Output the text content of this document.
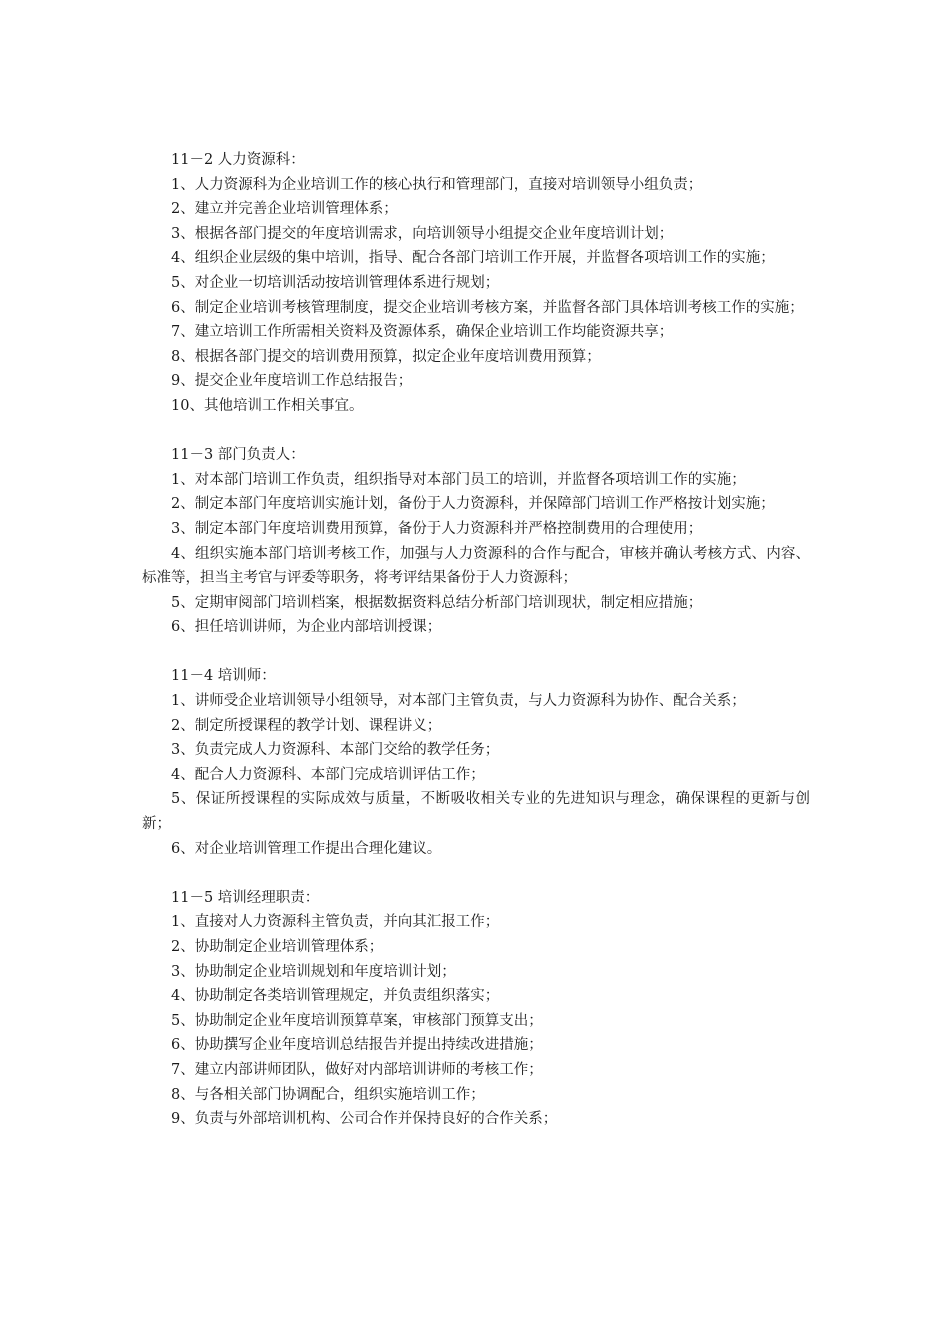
11－2 人力资源科：

1、人力资源科为企业培训工作的核心执行和管理部门，直接对培训领导小组负责；

2、建立并完善企业培训管理体系；

3、根据各部门提交的年度培训需求，向培训领导小组提交企业年度培训计划；

4、组织企业层级的集中培训，指导、配合各部门培训工作开展，并监督各项培训工作的实施；

5、对企业一切培训活动按培训管理体系进行规划；

6、制定企业培训考核管理制度，提交企业培训考核方案，并监督各部门具体培训考核工作的实施；

7、建立培训工作所需相关资料及资源体系，确保企业培训工作均能资源共享；

8、根据各部门提交的培训费用预算，拟定企业年度培训费用预算；

9、提交企业年度培训工作总结报告；

10、其他培训工作相关事宜。

11－3 部门负责人：

1、对本部门培训工作负责，组织指导对本部门员工的培训，并监督各项培训工作的实施；

2、制定本部门年度培训实施计划，备份于人力资源科，并保障部门培训工作严格按计划实施；

3、制定本部门年度培训费用预算，备份于人力资源科并严格控制费用的合理使用；

4、组织实施本部门培训考核工作，加强与人力资源科的合作与配合，审核并确认考核方式、内容、标准等，担当主考官与评委等职务，将考评结果备份于人力资源科；

5、定期审阅部门培训档案，根据数据资料总结分析部门培训现状，制定相应措施；

6、担任培训讲师，为企业内部培训授课；

11－4 培训师：

1、讲师受企业培训领导小组领导，对本部门主管负责，与人力资源科为协作、配合关系；

2、制定所授课程的教学计划、课程讲义；

3、负责完成人力资源科、本部门交给的教学任务；

4、配合人力资源科、本部门完成培训评估工作；

5、保证所授课程的实际成效与质量，不断吸收相关专业的先进知识与理念，确保课程的更新与创新；

6、对企业培训管理工作提出合理化建议。

11－5 培训经理职责：

1、直接对人力资源科主管负责，并向其汇报工作；

2、协助制定企业培训管理体系；

3、协助制定企业培训规划和年度培训计划；

4、协助制定各类培训管理规定，并负责组织落实；

5、协助制定企业年度培训预算草案，审核部门预算支出；

6、协助撰写企业年度培训总结报告并提出持续改进措施；

7、建立内部讲师团队，做好对内部培训讲师的考核工作；

8、与各相关部门协调配合，组织实施培训工作；

9、负责与外部培训机构、公司合作并保持良好的合作关系；
